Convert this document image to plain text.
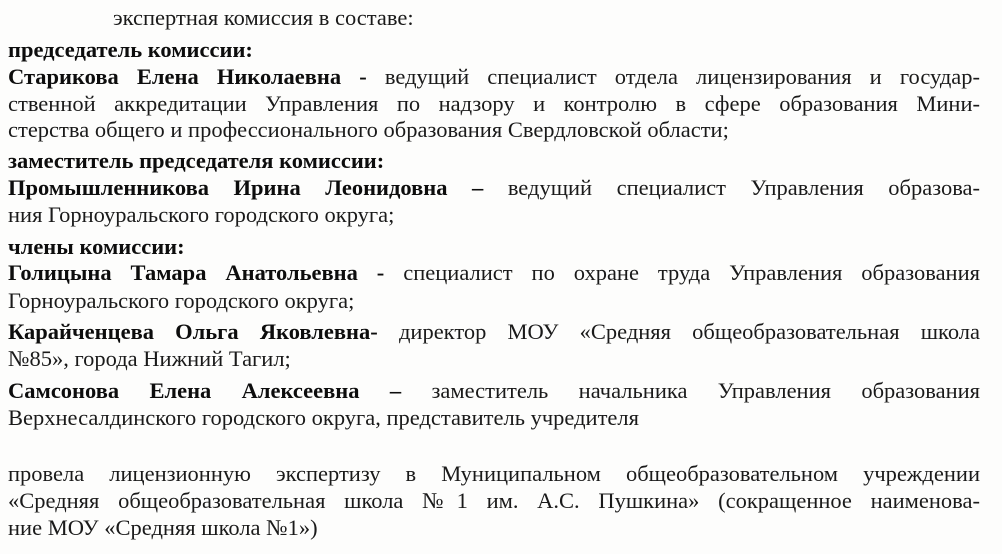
экспертная комиссия в составе:
председатель комиссии:
Старикова Елена Николаевна - ведущий специалист отдела лицензирования и государ-
ственной аккредитации Управления по надзору и контролю в сфере образования Мини-
стерства общего и профессионального образования Свердловской области;
заместитель председателя комиссии:
Промышленникова Ирина Леонидовна – ведущий специалист Управления образова-
ния Горноуральского городского округа;
члены комиссии:
Голицына Тамара Анатольевна - специалист по охране труда Управления образования
Горноуральского городского округа;
Карайченцева Ольга Яковлевна- директор МОУ «Средняя общеобразовательная школа
№85», города Нижний Тагил;
Самсонова Елена Алексеевна – заместитель начальника Управления образования
Верхнесалдинского городского округа, представитель учредителя
провела лицензионную экспертизу в Муниципальном общеобразовательном учреждении
«Средняя общеобразовательная школа №1 им. А.С. Пушкина» (сокращенное наименова-
ние МОУ «Средняя школа №1»)
